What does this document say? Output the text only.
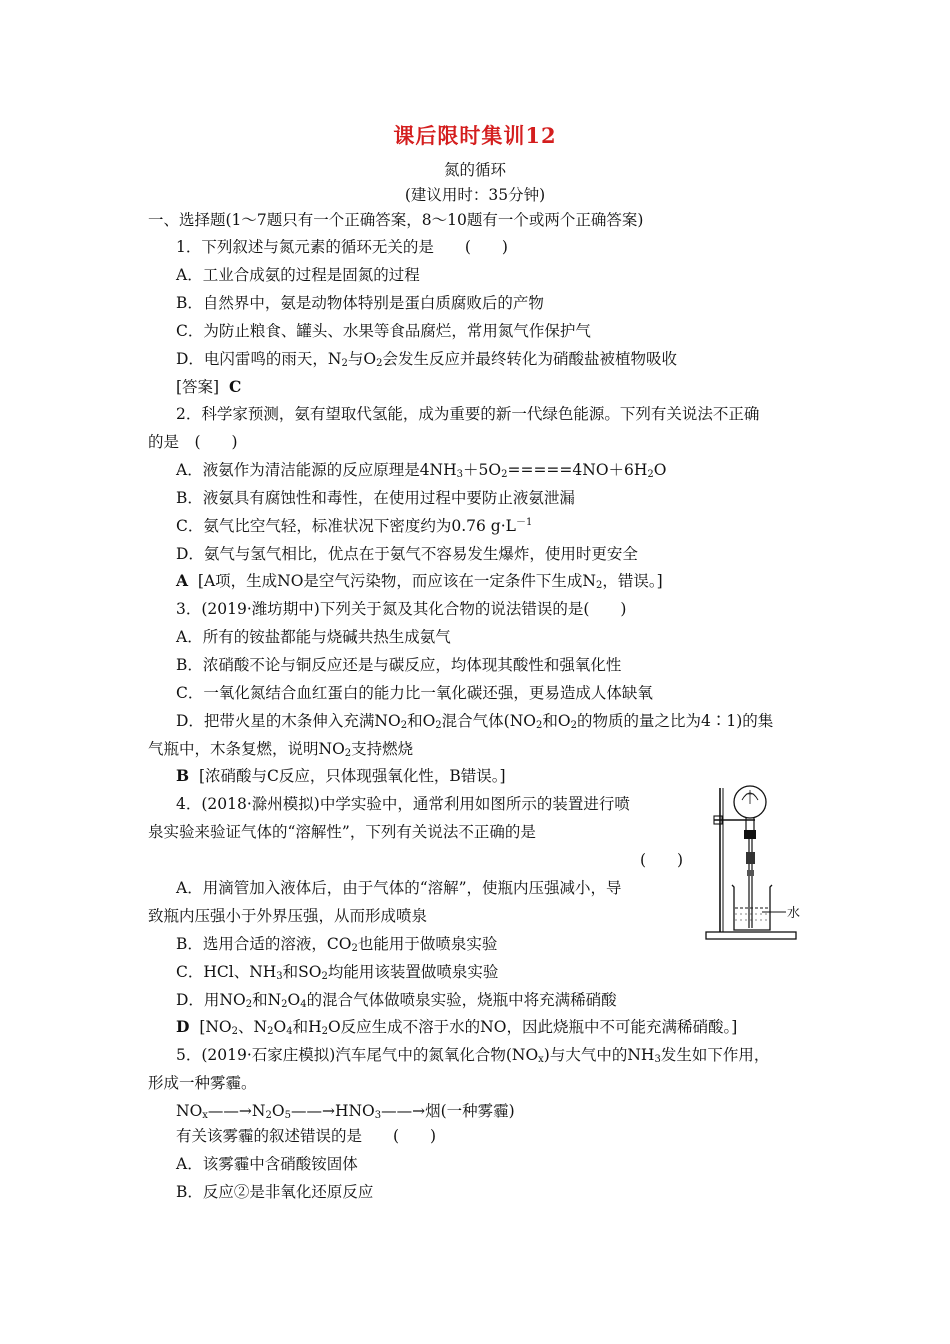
课后限时集训12
氮的循环
(建议用时：35分钟)
一、选择题(1～7题只有一个正确答案，8～10题有一个或两个正确答案)
1．下列叙述与氮元素的循环无关的是　　(　　)
A．工业合成氨的过程是固氮的过程
B．自然界中，氨是动物体特别是蛋白质腐败后的产物
C．为防止粮食、罐头、水果等食品腐烂，常用氮气作保护气
D．电闪雷鸣的雨天，$N_2$与$O_2$会发生反应并最终转化为硝酸盐被植物吸收
[答案] C
2．科学家预测，氨有望取代氢能，成为重要的新一代绿色能源。下列有关说法不正确
的是　(　　)
A．液氨作为清洁能源的反应原理是$4NH_3+5O_2=====4NO+6H_2O$
B．液氨具有腐蚀性和毒性，在使用过程中要防止液氨泄漏
C．氨气比空气轻，标准状况下密度约为0.76 $g\cdot L^{-1}$
D．氨气与氢气相比，优点在于氨气不容易发生爆炸，使用时更安全
A [A项，生成NO是空气污染物，而应该在一定条件下生成$N_2$，错误。]
3．(2019·潍坊期中)下列关于氮及其化合物的说法错误的是(　　)
A．所有的铵盐都能与烧碱共热生成氨气
B．浓硝酸不论与铜反应还是与碳反应，均体现其酸性和强氧化性
C．一氧化氮结合血红蛋白的能力比一氧化碳还强，更易造成人体缺氧
D．把带火星的木条伸入充满$NO_2$和$O_2$混合气体($NO_2$和$O_2$的物质的量之比为4∶1)的集
气瓶中，木条复燃，说明$NO_2$支持燃烧
B [浓硝酸与C反应，只体现强氧化性，B错误。]
4．(2018·滁州模拟)中学实验中，通常利用如图所示的装置进行喷
泉实验来验证气体的“溶解性”，下列有关说法不正确的是
(　　)
A．用滴管加入液体后，由于气体的“溶解”，使瓶内压强减小，导
致瓶内压强小于外界压强，从而形成喷泉
B．选用合适的溶液，$CO_2$也能用于做喷泉实验
C．HCl、$NH_3$和$SO_2$均能用该装置做喷泉实验
D．用$NO_2$和$N_2O_4$的混合气体做喷泉实验，烧瓶中将充满稀硝酸
D [$NO_2$、$N_2O_4$和$H_2O$反应生成不溶于水的NO，因此烧瓶中不可能充满稀硝酸。]
水
5．(2019·石家庄模拟)汽车尾气中的氮氧化合物$(NO_x)$与大气中的$NH_3$发生如下作用，
形成一种雾霾。
$NO_x——\to N_2O_5——\to HNO_3——\to$烟(一种雾霾)
有关该雾霾的叙述错误的是　　(　　)
A．该雾霾中含硝酸铵固体
B．反应②是非氧化还原反应
